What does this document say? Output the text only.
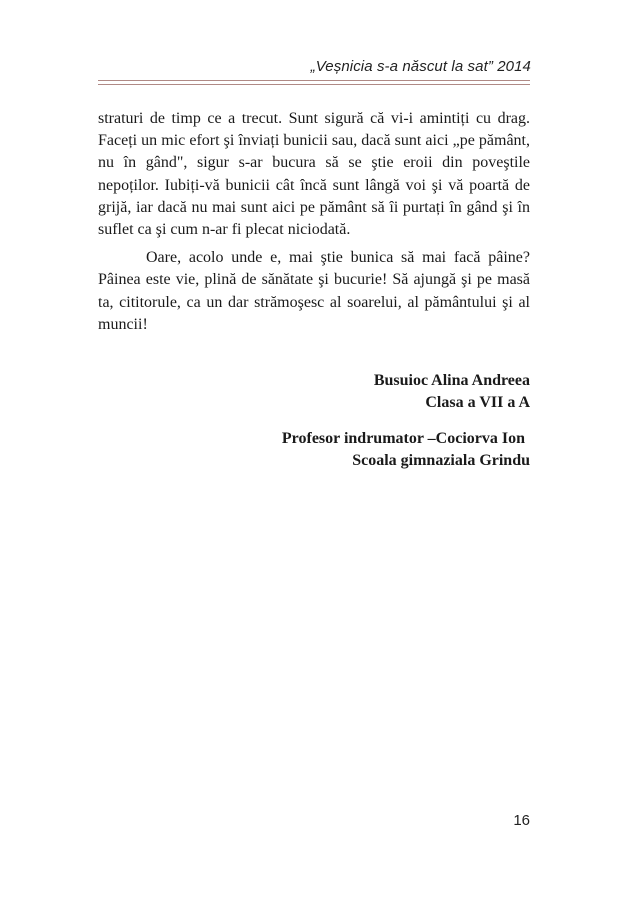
„Veșnicia s-a născut la sat” 2014

straturi de timp ce a trecut. Sunt sigură că vi-i amintiți cu drag. Faceți un mic efort şi înviați bunicii sau, dacă sunt aici „pe pământ, nu în gând", sigur s-ar bucura să se ştie eroii din poveştile nepoților. Iubiți-vă bunicii cât încă sunt lângă voi şi vă poartă de grijă, iar dacă nu mai sunt aici pe pământ să îi purtați în gând şi în suflet ca şi cum n-ar fi plecat niciodată.

Oare, acolo unde e, mai ştie bunica să mai facă pâine? Pâinea este vie, plină de sănătate şi bucurie! Să ajungă şi pe masă ta, cititorule, ca un dar strămoşesc al soarelui, al pământului şi al muncii!

Busuioc Alina Andreea
Clasa a VII a A
Profesor indrumator –Cociorva Ion
Scoala gimnaziala Grindu
16
